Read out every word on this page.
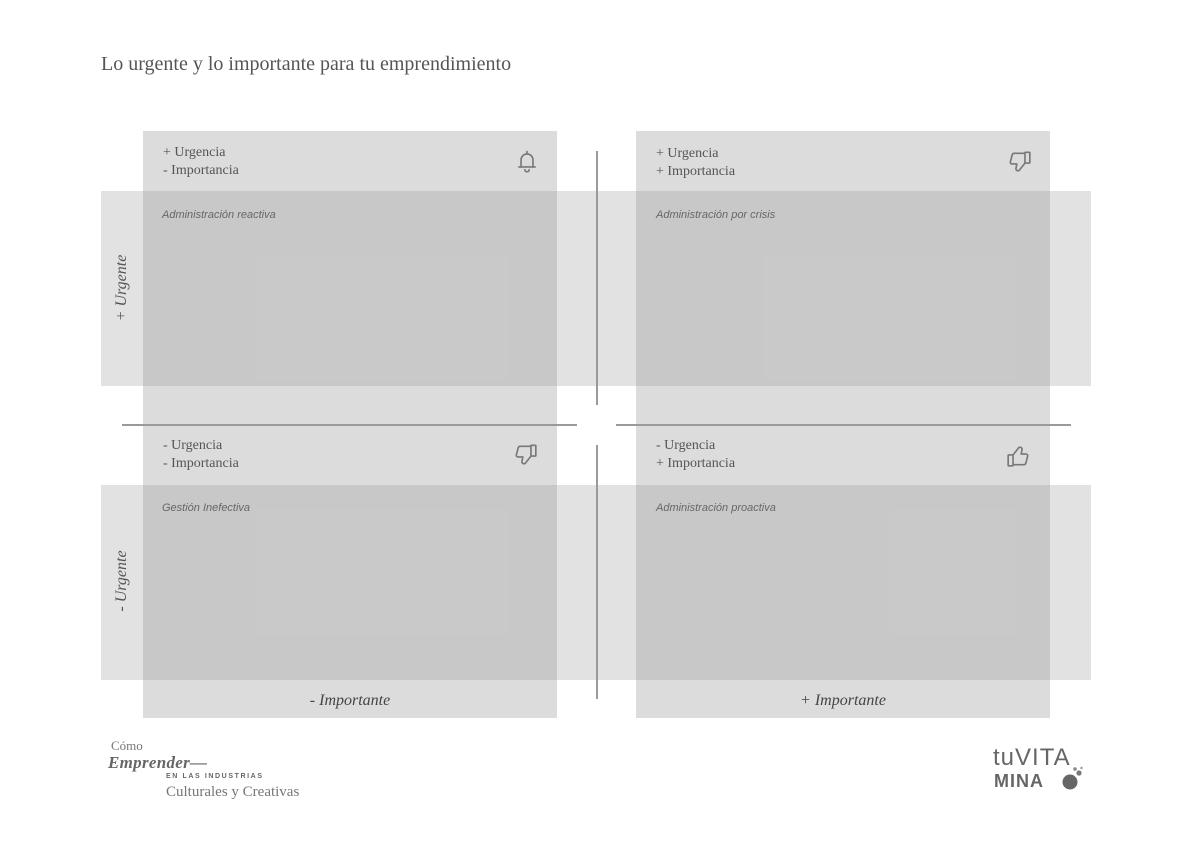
Lo urgente y lo importante para tu emprendimiento
+ Urgencia
- Importancia
Administración reactiva
+ Urgencia
+ Importancia
Administración por crisis
- Urgencia
- Importancia
Gestión Inefectiva
- Urgencia
+ Importancia
Administración proactiva
+ Urgente
- Urgente
- Importante	+ Importante
Cómo
Emprender—
EN LAS INDUSTRIAS
Culturales y Creativas
tuVITA
MINA
